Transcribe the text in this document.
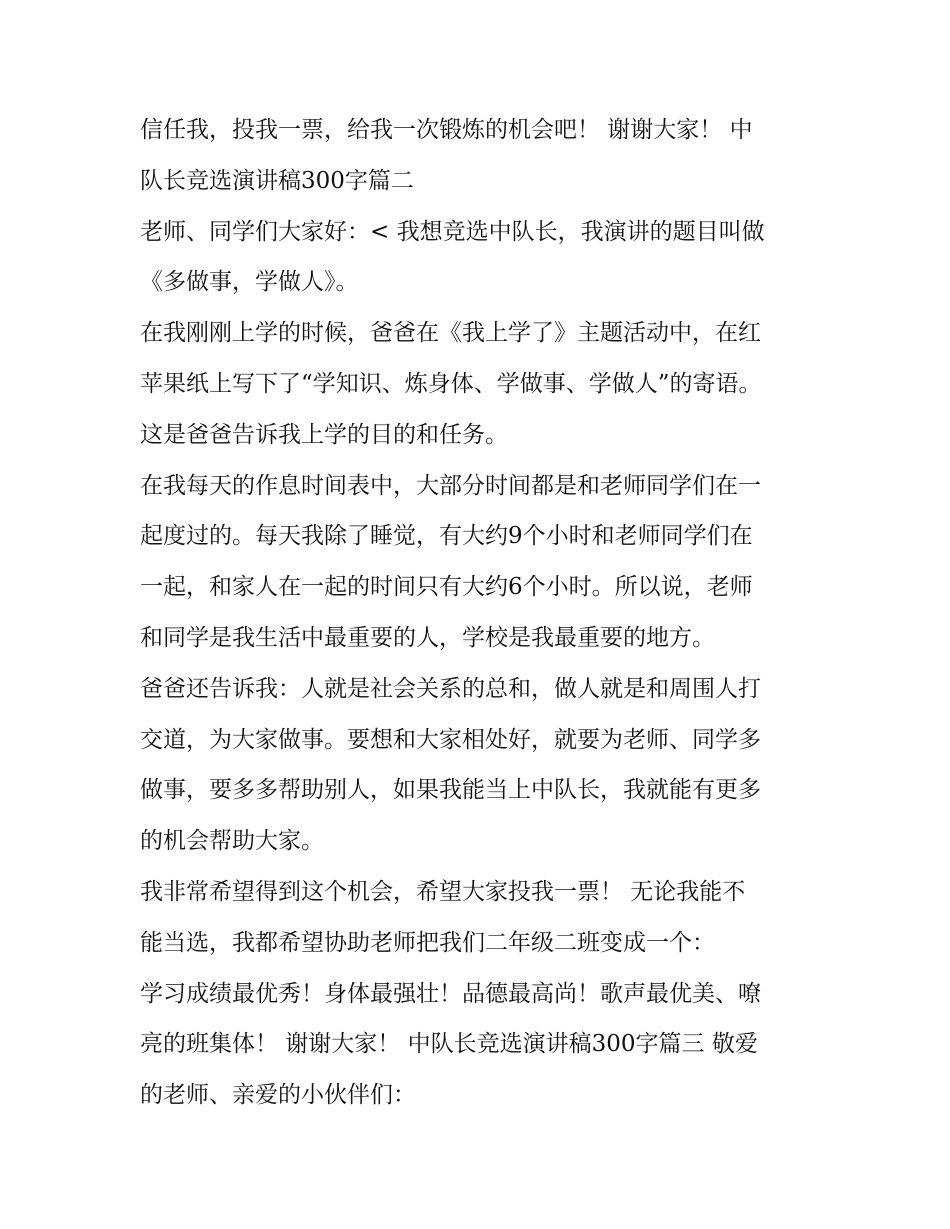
信任我，投我一票，给我一次锻炼的机会吧！ 谢谢大家！ 中

队长竞选演讲稿300字篇二

老师、同学们大家好：< 我想竞选中队长，我演讲的题目叫做

《多做事，学做人》。

在我刚刚上学的时候，爸爸在《我上学了》主题活动中，在红

苹果纸上写下了“学知识、炼身体、学做事、学做人”的寄语。

这是爸爸告诉我上学的目的和任务。

在我每天的作息时间表中，大部分时间都是和老师同学们在一

起度过的。每天我除了睡觉，有大约9个小时和老师同学们在

一起，和家人在一起的时间只有大约6个小时。所以说，老师

和同学是我生活中最重要的人，学校是我最重要的地方。

爸爸还告诉我：人就是社会关系的总和，做人就是和周围人打

交道，为大家做事。要想和大家相处好，就要为老师、同学多

做事，要多多帮助别人，如果我能当上中队长，我就能有更多

的机会帮助大家。

我非常希望得到这个机会，希望大家投我一票！ 无论我能不

能当选，我都希望协助老师把我们二年级二班变成一个：

学习成绩最优秀！身体最强壮！品德最高尚！歌声最优美、嘹

亮的班集体！ 谢谢大家！ 中队长竞选演讲稿300字篇三 敬爱

的老师、亲爱的小伙伴们：
